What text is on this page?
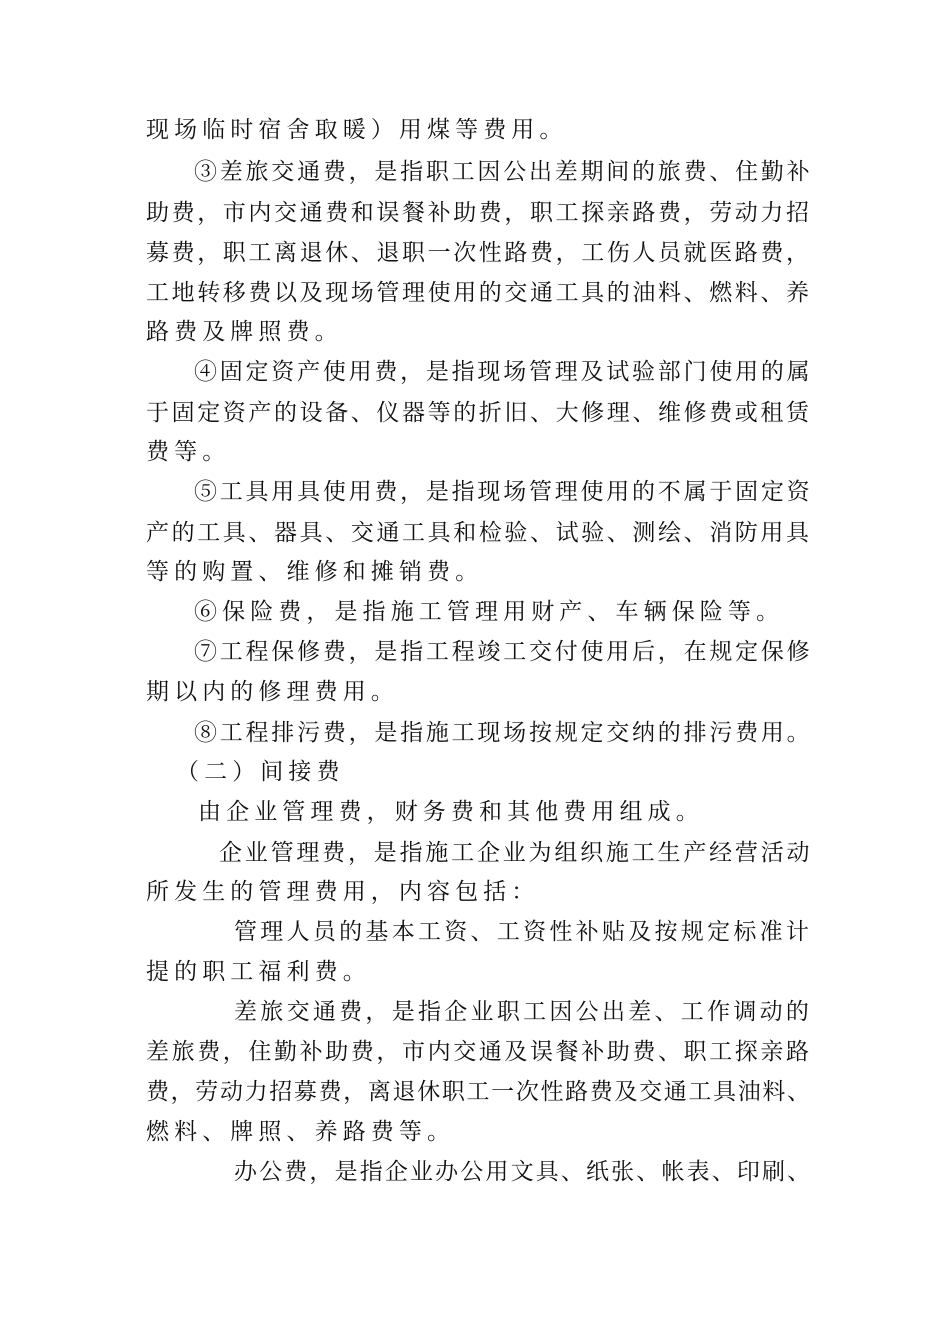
现场临时宿舍取暖）用煤等费用。
③差旅交通费，是指职工因公出差期间的旅费、住勤补
助费，市内交通费和误餐补助费，职工探亲路费，劳动力招
募费，职工离退休、退职一次性路费，工伤人员就医路费，
工地转移费以及现场管理使用的交通工具的油料、燃料、养
路费及牌照费。
④固定资产使用费，是指现场管理及试验部门使用的属
于固定资产的设备、仪器等的折旧、大修理、维修费或租赁
费等。
⑤工具用具使用费，是指现场管理使用的不属于固定资
产的工具、器具、交通工具和检验、试验、测绘、消防用具
等的购置、维修和摊销费。
⑥保险费，是指施工管理用财产、车辆保险等。
⑦工程保修费，是指工程竣工交付使用后，在规定保修
期以内的修理费用。
⑧工程排污费，是指施工现场按规定交纳的排污费用。
（二）间接费
由企业管理费，财务费和其他费用组成。
企业管理费，是指施工企业为组织施工生产经营活动
所发生的管理费用，内容包括：
管理人员的基本工资、工资性补贴及按规定标准计
提的职工福利费。
差旅交通费，是指企业职工因公出差、工作调动的
差旅费，住勤补助费，市内交通及误餐补助费、职工探亲路
费，劳动力招募费，离退休职工一次性路费及交通工具油料、
燃料、牌照、养路费等。
办公费，是指企业办公用文具、纸张、帐表、印刷、
